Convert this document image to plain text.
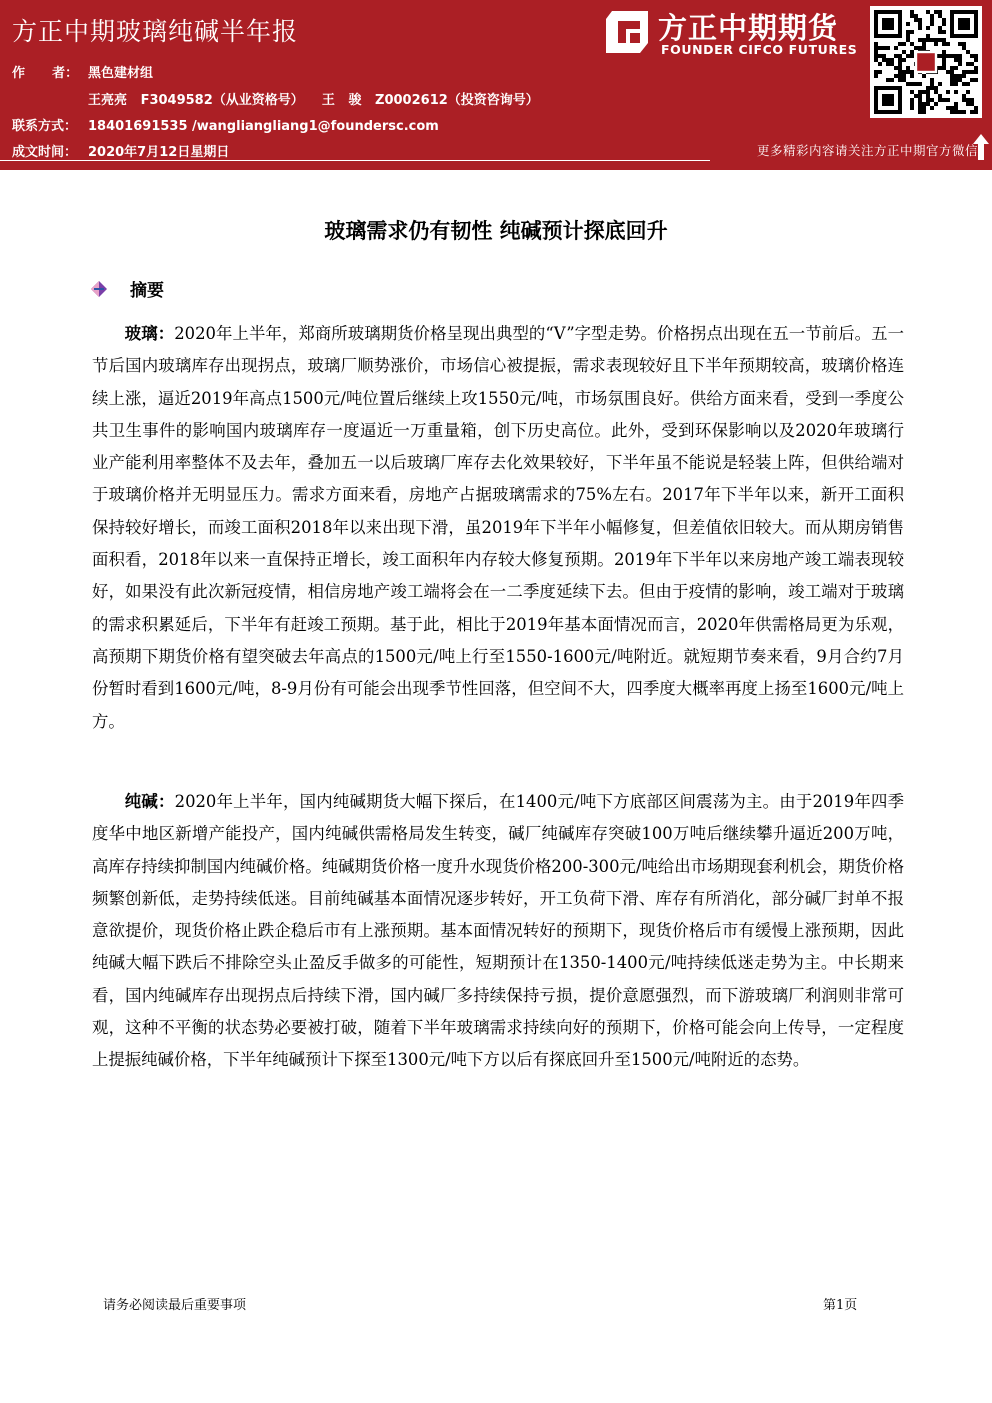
方正中期玻璃纯碱半年报
作      者： 黑色建材组
王亮亮   F3049582（从业资格号）    王   骏   Z0002612（投资咨询号）
联系方式： 18401691535 /wangliangliang1@foundersc.com
成文时间： 2020年7月12日星期日
方正中期期货
FOUNDER CIFCO FUTURES
更多精彩内容请关注方正中期官方微信
玻璃需求仍有韧性 纯碱预计探底回升
摘要

玻璃：2020年上半年，郑商所玻璃期货价格呈现出典型的“V”字型走势。价格拐点出现在五一节前后。五一节后国内玻璃库存出现拐点，玻璃厂顺势涨价，市场信心被提振，需求表现较好且下半年预期较高，玻璃价格连续上涨，逼近2019年高点1500元/吨位置后继续上攻1550元/吨，市场氛围良好。供给方面来看，受到一季度公共卫生事件的影响国内玻璃库存一度逼近一万重量箱，创下历史高位。此外，受到环保影响以及2020年玻璃行业产能利用率整体不及去年，叠加五一以后玻璃厂库存去化效果较好，下半年虽不能说是轻装上阵，但供给端对于玻璃价格并无明显压力。需求方面来看，房地产占据玻璃需求的75%左右。2017年下半年以来，新开工面积保持较好增长，而竣工面积2018年以来出现下滑，虽2019年下半年小幅修复，但差值依旧较大。而从期房销售面积看，2018年以来一直保持正增长，竣工面积年内存较大修复预期。2019年下半年以来房地产竣工端表现较好，如果没有此次新冠疫情，相信房地产竣工端将会在一二季度延续下去。但由于疫情的影响，竣工端对于玻璃的需求积累延后，下半年有赶竣工预期。基于此，相比于2019年基本面情况而言，2020年供需格局更为乐观，高预期下期货价格有望突破去年高点的1500元/吨上行至1550-1600元/吨附近。就短期节奏来看，9月合约7月份暂时看到1600元/吨，8-9月份有可能会出现季节性回落，但空间不大，四季度大概率再度上扬至1600元/吨上方。

纯碱：2020年上半年，国内纯碱期货大幅下探后，在1400元/吨下方底部区间震荡为主。由于2019年四季度华中地区新增产能投产，国内纯碱供需格局发生转变，碱厂纯碱库存突破100万吨后继续攀升逼近200万吨，高库存持续抑制国内纯碱价格。纯碱期货价格一度升水现货价格200-300元/吨给出市场期现套利机会，期货价格频繁创新低，走势持续低迷。目前纯碱基本面情况逐步转好，开工负荷下滑、库存有所消化，部分碱厂封单不报意欲提价，现货价格止跌企稳后市有上涨预期。基本面情况转好的预期下，现货价格后市有缓慢上涨预期，因此纯碱大幅下跌后不排除空头止盈反手做多的可能性，短期预计在1350-1400元/吨持续低迷走势为主。中长期来看，国内纯碱库存出现拐点后持续下滑，国内碱厂多持续保持亏损，提价意愿强烈，而下游玻璃厂利润则非常可观，这种不平衡的状态势必要被打破，随着下半年玻璃需求持续向好的预期下，价格可能会向上传导，一定程度上提振纯碱价格，下半年纯碱预计下探至1300元/吨下方以后有探底回升至1500元/吨附近的态势。

请务必阅读最后重要事项	第1页
